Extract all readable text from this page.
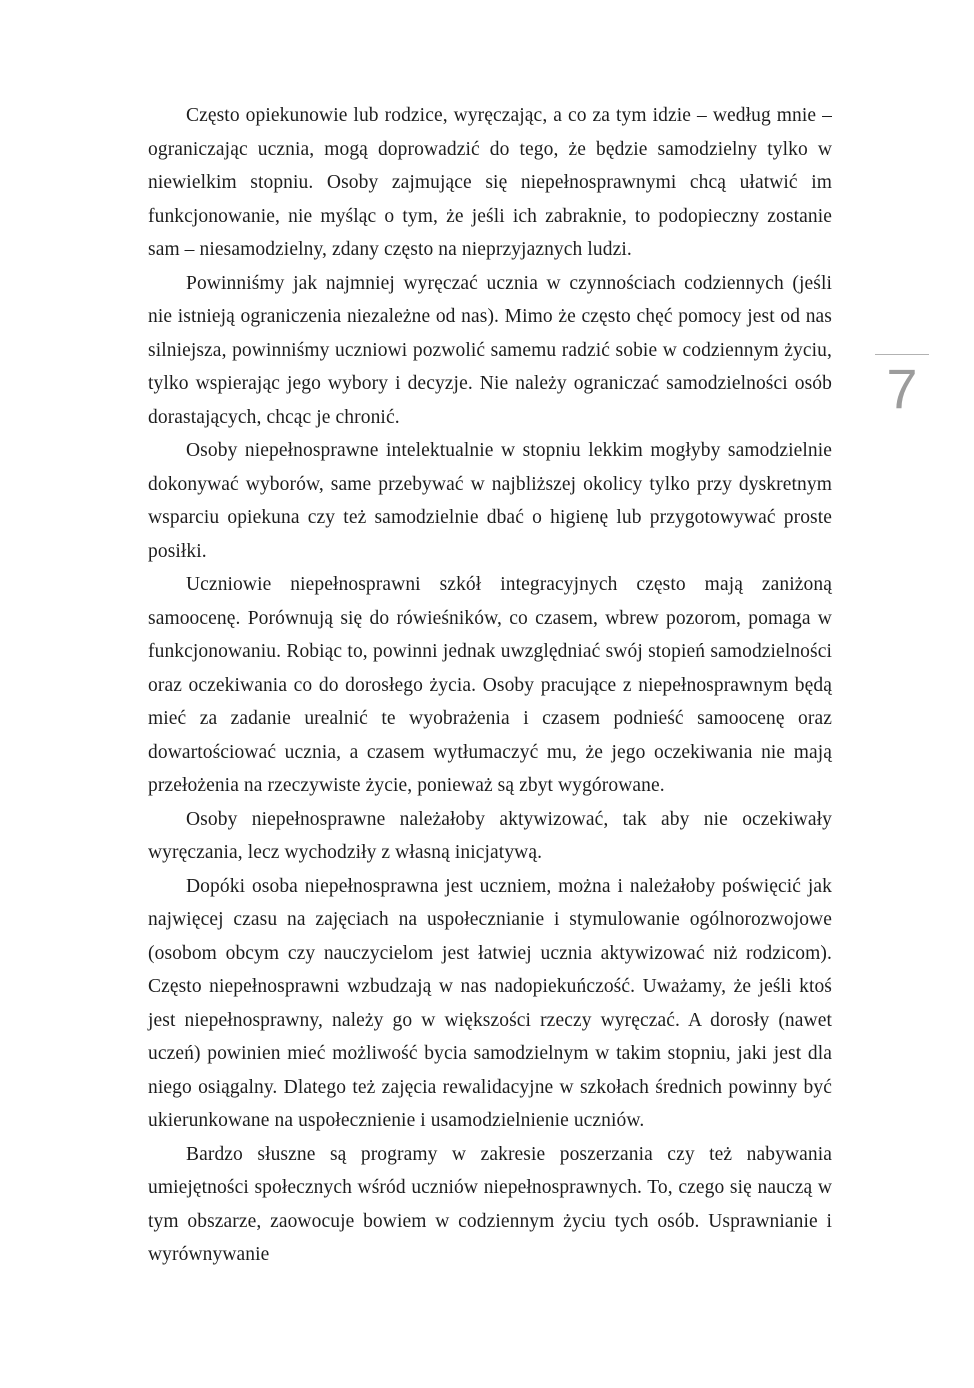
Często opiekunowie lub rodzice, wyręczając, a co za tym idzie – według mnie – ograniczając ucznia, mogą doprowadzić do tego, że będzie samodzielny tylko w niewielkim stopniu. Osoby zajmujące się niepełnosprawnymi chcą ułatwić im funkcjonowanie, nie myśląc o tym, że jeśli ich zabraknie, to podopieczny zostanie sam – niesamodzielny, zdany często na nieprzyjaznych ludzi.

Powinniśmy jak najmniej wyręczać ucznia w czynnościach codziennych (jeśli nie istnieją ograniczenia niezależne od nas). Mimo że często chęć pomocy jest od nas silniejsza, powinniśmy uczniowi pozwolić samemu radzić sobie w codziennym życiu, tylko wspierając jego wybory i decyzje. Nie należy ograniczać samodzielności osób dorastających, chcąc je chronić.

Osoby niepełnosprawne intelektualnie w stopniu lekkim mogłyby samodzielnie dokonywać wyborów, same przebywać w najbliższej okolicy tylko przy dyskretnym wsparciu opiekuna czy też samodzielnie dbać o higienę lub przygotowywać proste posiłki.

Uczniowie niepełnosprawni szkół integracyjnych często mają zaniżoną samoocenę. Porównują się do rówieśników, co czasem, wbrew pozorom, pomaga w funkcjonowaniu. Robiąc to, powinni jednak uwzględniać swój stopień samodzielności oraz oczekiwania co do dorosłego życia. Osoby pracujące z niepełnosprawnym będą mieć za zadanie urealnić te wyobrażenia i czasem podnieść samoocenę oraz dowartościować ucznia, a czasem wytłumaczyć mu, że jego oczekiwania nie mają przełożenia na rzeczywiste życie, ponieważ są zbyt wygórowane.

Osoby niepełnosprawne należałoby aktywizować, tak aby nie oczekiwały wyręczania, lecz wychodziły z własną inicjatywą.

Dopóki osoba niepełnosprawna jest uczniem, można i należałoby poświęcić jak najwięcej czasu na zajęciach na uspołecznianie i stymulowanie ogólnorozwojowe (osobom obcym czy nauczycielom jest łatwiej ucznia aktywizować niż rodzicom). Często niepełnosprawni wzbudzają w nas nadopiekuńczość. Uważamy, że jeśli ktoś jest niepełnosprawny, należy go w większości rzeczy wyręczać. A dorosły (nawet uczeń) powinien mieć możliwość bycia samodzielnym w takim stopniu, jaki jest dla niego osiągalny. Dlatego też zajęcia rewalidacyjne w szkołach średnich powinny być ukierunkowane na uspołecznienie i usamodzielnienie uczniów.

Bardzo słuszne są programy w zakresie poszerzania czy też nabywania umiejętności społecznych wśród uczniów niepełnosprawnych. To, czego się nauczą w tym obszarze, zaowocuje bowiem w codziennym życiu tych osób. Usprawnianie i wyrównywanie

7
